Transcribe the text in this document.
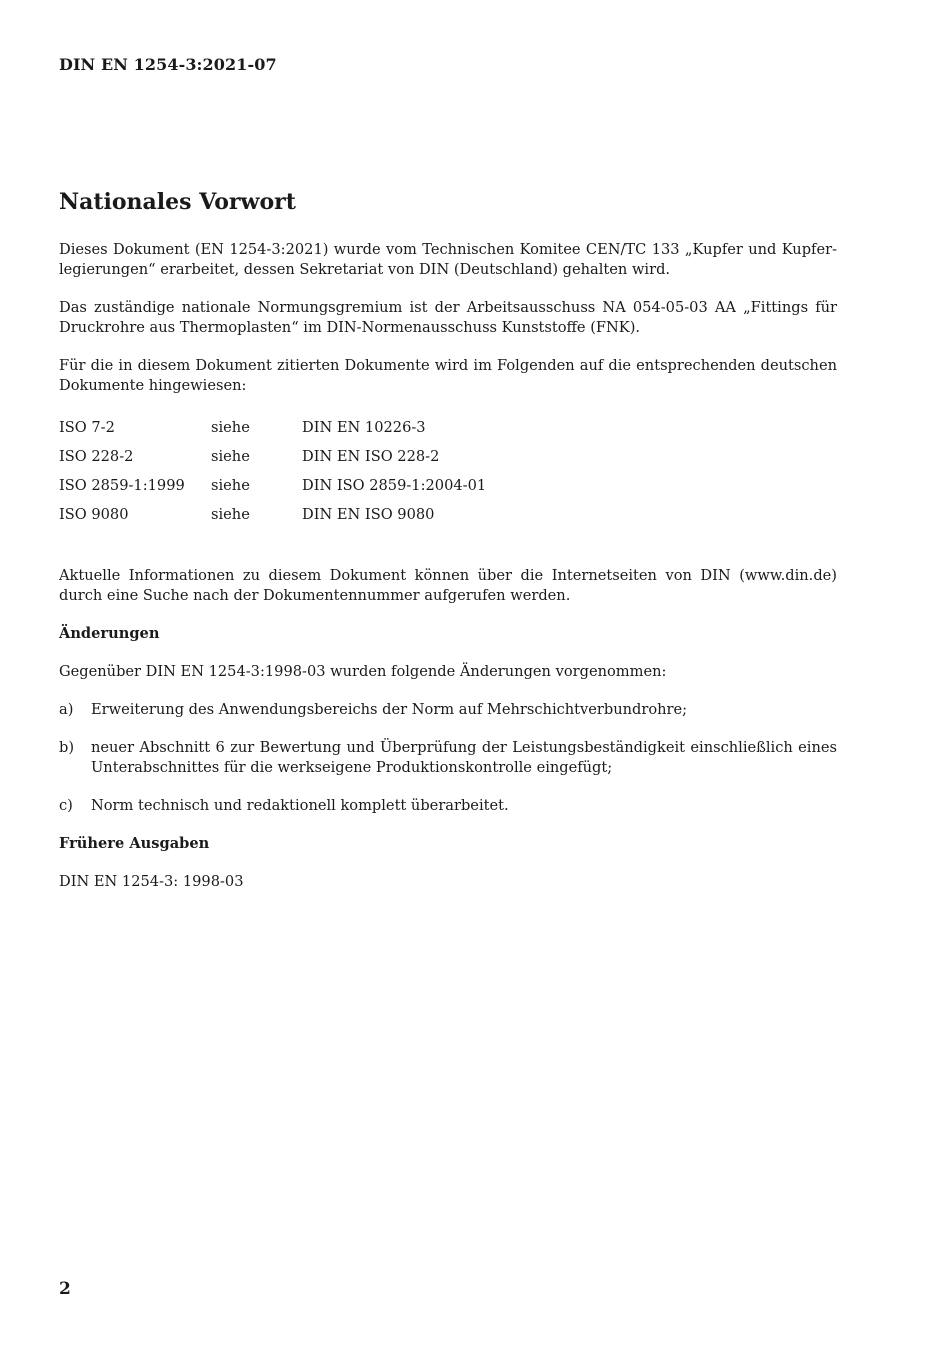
DIN EN 1254-3:2021-07
Nationales Vorwort

Dieses Dokument (EN 1254-3:2021) wurde vom Technischen Komitee CEN/TC 133 „Kupfer und Kupferlegierungen“ erarbeitet, dessen Sekretariat von DIN (Deutschland) gehalten wird.

Das zuständige nationale Normungsgremium ist der Arbeitsausschuss NA 054-05-03 AA „Fittings für Druckrohre aus Thermoplasten“ im DIN-Normenausschuss Kunststoffe (FNK).

Für die in diesem Dokument zitierten Dokumente wird im Folgenden auf die entsprechenden deutschen Dokumente hingewiesen:

ISO 7-2	siehe	DIN EN 10226-3
ISO 228-2	siehe	DIN EN ISO 228-2
ISO 2859-1:1999	siehe	DIN ISO 2859-1:2004-01
ISO 9080	siehe	DIN EN ISO 9080

Aktuelle Informationen zu diesem Dokument können über die Internetseiten von DIN (www.din.de) durch eine Suche nach der Dokumentennummer aufgerufen werden.

Änderungen

Gegenüber DIN EN 1254-3:1998-03 wurden folgende Änderungen vorgenommen:

a)	Erweiterung des Anwendungsbereichs der Norm auf Mehrschichtverbundrohre;
b)	neuer Abschnitt 6 zur Bewertung und Überprüfung der Leistungsbeständigkeit einschließlich eines Unterabschnittes für die werkseigene Produktionskontrolle eingefügt;
c)	Norm technisch und redaktionell komplett überarbeitet.
Frühere Ausgaben

DIN EN 1254-3: 1998-03

2
